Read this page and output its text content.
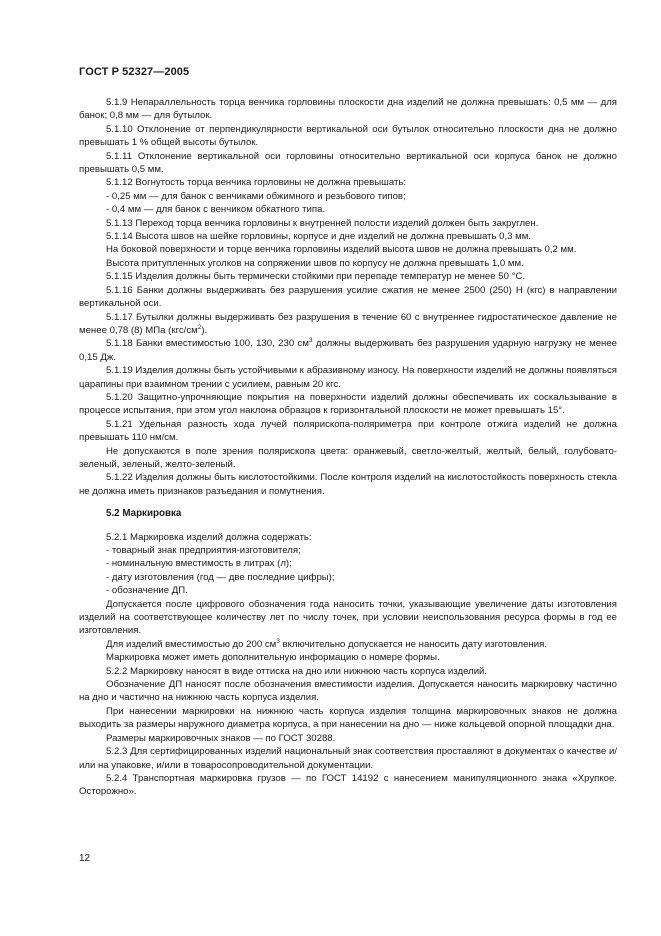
ГОСТ Р 52327—2005

5.1.9 Непараллельность торца венчика горловины плоскости дна изделий не должна превышать: 0,5 мм — для банок; 0,8 мм — для бутылок.

5.1.10 Отклонение от перпендикулярности вертикальной оси бутылок относительно плоскости дна не должно превышать 1 % общей высоты бутылок.

5.1.11 Отклонение вертикальной оси горловины относительно вертикальной оси корпуса банок не должно превышать 0,5 мм.

5.1.12 Вогнутость торца венчика горловины не должна превышать:

- 0,25 мм — для банок с венчиками обжимного и резьбового типов;

- 0,4 мм — для банок с венчиком обкатного типа.

5.1.13 Переход торца венчика горловины к внутренней полости изделий должен быть закруглен.

5.1.14 Высота швов на шейке горловины, корпусе и дне изделий не должна превышать 0,3 мм.

На боковой поверхности и торце венчика горловины изделий высота швов не должна превышать 0,2 мм.

Высота притупленных уголков на сопряжении швов по корпусу не должна превышать 1,0 мм.

5.1.15 Изделия должны быть термически стойкими при перепаде температур не менее 50 °С.

5.1.16 Банки должны выдерживать без разрушения усилие сжатия не менее 2500 (250) Н (кгс) в направлении вертикальной оси.

5.1.17 Бутылки должны выдерживать без разрушения в течение 60 с внутреннее гидростатическое давление не менее 0,78 (8) МПа $(кгс/см^2)$.

5.1.18 Банки вместимостью 100, 130, 230 $см^3$ должны выдерживать без разрушения ударную нагрузку не менее 0,15 Дж.

5.1.19 Изделия должны быть устойчивыми к абразивному износу. На поверхности изделий не должны появляться царапины при взаимном трении с усилием, равным 20 кгс.

5.1.20 Защитно-упрочняющие покрытия на поверхности изделий должны обеспечивать их соскальзывание в процессе испытания, при этом угол наклона образцов к горизонтальной плоскости не может превышать 15°.

5.1.21 Удельная разность хода лучей полярископа-поляриметра при контроле отжига изделий не должна превышать 110 нм/см.

Не допускаются в поле зрения полярископа цвета: оранжевый, светло-желтый, желтый, белый, голубовато-зеленый, зеленый, желто-зеленый.

5.1.22 Изделия должны быть кислотостойкими. После контроля изделий на кислотостойкость поверхность стекла не должна иметь признаков разъедания и помутнения.

5.2 Маркировка

5.2.1 Маркировка изделий должна содержать:

- товарный знак предприятия-изготовителя;

- номинальную вместимость в литрах (л);

- дату изготовления (год — две последние цифры);

- обозначение ДП.

Допускается после цифрового обозначения года наносить точки, указывающие увеличение даты изготовления изделий на соответствующее количеству лет по числу точек, при условии неиспользования ресурса формы в год ее изготовления.

Для изделий вместимостью до 200 $см^3$ включительно допускается не наносить дату изготовления.

Маркировка может иметь дополнительную информацию о номере формы.

5.2.2 Маркировку наносят в виде оттиска на дно или нижнюю часть корпуса изделий.

Обозначение ДП наносят после обозначения вместимости изделия. Допускается наносить маркировку частично на дно и частично на нижнюю часть корпуса изделия.

При нанесении маркировки на нижнюю часть корпуса изделия толщина маркировочных знаков не должна выходить за размеры наружного диаметра корпуса, а при нанесении на дно — ниже кольцевой опорной площадки дна.

Размеры маркировочных знаков — по ГОСТ 30288.

5.2.3 Для сертифицированных изделий национальный знак соответствия проставляют в документах о качестве и/или на упаковке, и/или в товаросопроводительной документации.

5.2.4 Транспортная маркировка грузов — по ГОСТ 14192 с нанесением манипуляционного знака «Хрупкое. Осторожно».

12
